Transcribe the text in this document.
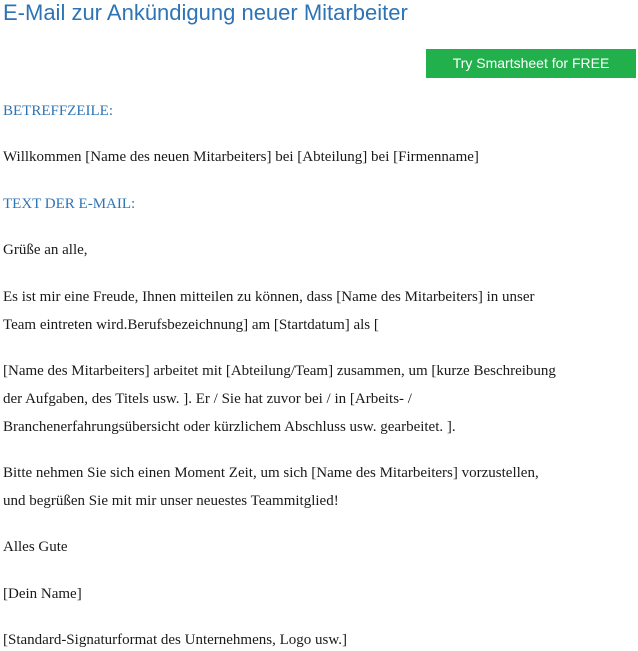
E-Mail zur Ankündigung neuer Mitarbeiter
Try Smartsheet for FREE

BETREFFZEILE:

Willkommen [Name des neuen Mitarbeiters] bei [Abteilung] bei [Firmenname]

TEXT DER E-MAIL:

Grüße an alle,

Es ist mir eine Freude, Ihnen mitteilen zu können, dass [Name des Mitarbeiters] in unser

Team eintreten wird.Berufsbezeichnung] am [Startdatum] als [

[Name des Mitarbeiters] arbeitet mit [Abteilung/Team] zusammen, um [kurze Beschreibung

der Aufgaben, des Titels usw. ]. Er / Sie hat zuvor bei / in [Arbeits- /

Branchenerfahrungsübersicht oder kürzlichem Abschluss usw. gearbeitet. ].

Bitte nehmen Sie sich einen Moment Zeit, um sich [Name des Mitarbeiters] vorzustellen,

und begrüßen Sie mit mir unser neuestes Teammitglied!

Alles Gute

[Dein Name]

[Standard-Signaturformat des Unternehmens, Logo usw.]
